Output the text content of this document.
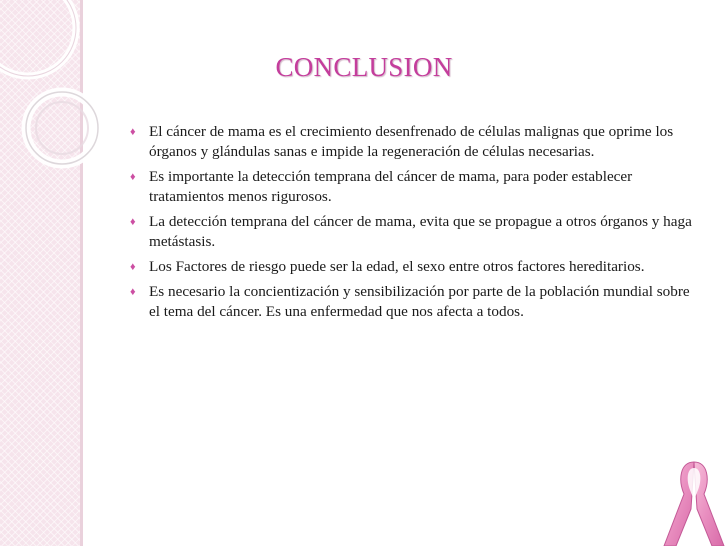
CONCLUSION
♦ El cáncer de mama es el crecimiento desenfrenado de células malignas que oprime los órganos y glándulas sanas e impide la regeneración de células necesarias.
♦ Es importante la detección temprana del cáncer de mama, para poder establecer tratamientos menos rigurosos.
♦ La detección temprana del cáncer de mama, evita que se propague a otros órganos y haga metástasis.
♦ Los Factores de riesgo puede ser la edad, el sexo entre otros factores hereditarios.
♦ Es necesario la concientización y sensibilización por parte de la población mundial sobre el tema del cáncer. Es una enfermedad que nos afecta a todos.
